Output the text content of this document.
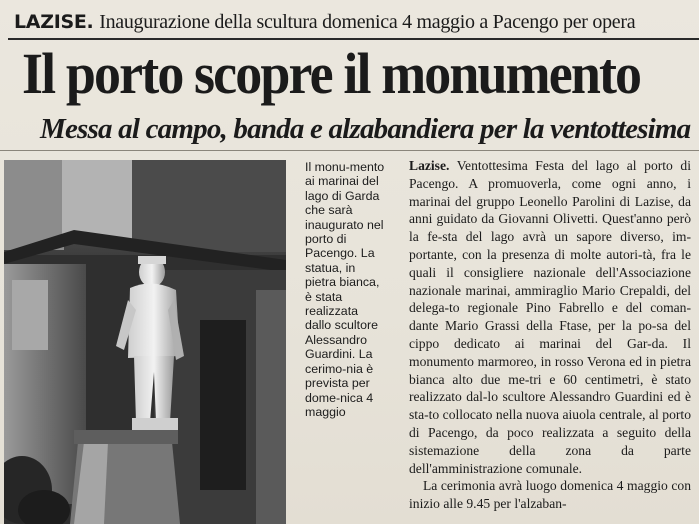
LAZISE. Inaugurazione della scultura domenica 4 maggio a Pacengo per opera
Il porto scopre il monumento
Messa al campo, banda e alzabandiera per la ventottesima
Il monu-mento ai marinai del lago di Garda che sarà inaugurato nel porto di Pacengo. La statua, in pietra bianca, è stata realizzata dallo scultore Alessandro Guardini. La cerimo-nia è prevista per dome-nica 4 maggio

Lazise. Ventottesima Festa del lago al porto di Pacengo. A promuoverla, come ogni anno, i marinai del gruppo Leonello Parolini di Lazise, da anni guidato da Giovanni Olivetti. Quest'anno però la fe-sta del lago avrà un sapore diverso, im-portante, con la presenza di molte autori-tà, fra le quali il consigliere nazionale dell'Associazione nazionale marinai, ammiraglio Mario Crepaldi, del delega-to regionale Pino Fabrello e del coman-dante Mario Grassi della Ftase, per la po-sa del cippo dedicato ai marinai del Gar-da. Il monumento marmoreo, in rosso Verona ed in pietra bianca alto due me-tri e 60 centimetri, è stato realizzato dal-lo scultore Alessandro Guardini ed è sta-to collocato nella nuova aiuola centrale, al porto di Pacengo, da poco realizzata a seguito della sistemazione della zona da parte dell'amministrazione comunale.

La cerimonia avrà luogo domenica 4 maggio con inizio alle 9.45 per l'alzaban-
